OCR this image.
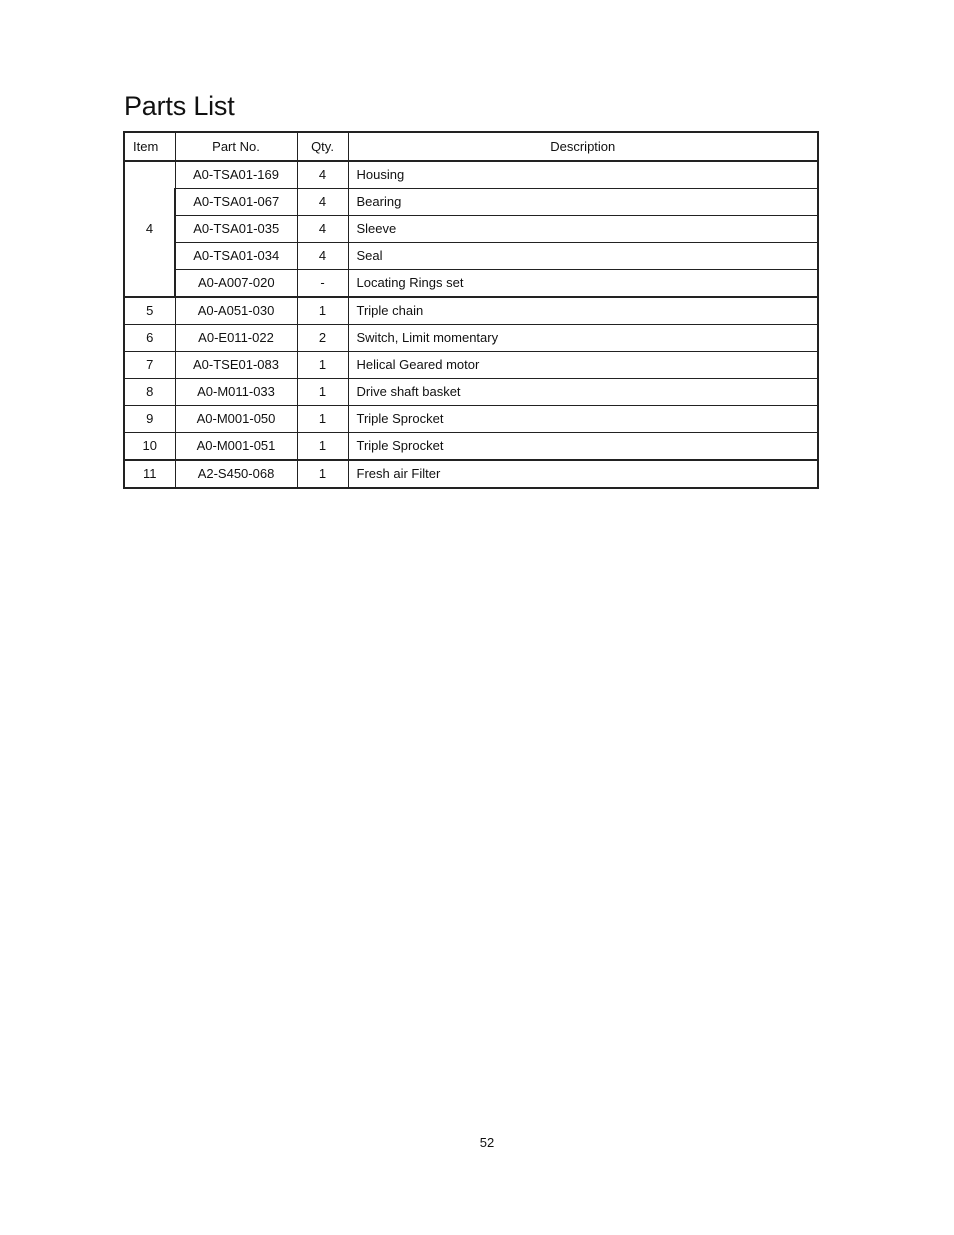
Parts List
Item	Part No.	Qty.	Description
4	A0-TSA01-169	4	Housing
	A0-TSA01-067	4	Bearing
	A0-TSA01-035	4	Sleeve
	A0-TSA01-034	4	Seal
	A0-A007-020	-	Locating Rings set
5	A0-A051-030	1	Triple chain
6	A0-E011-022	2	Switch, Limit momentary
7	A0-TSE01-083	1	Helical Geared motor
8	A0-M011-033	1	Drive shaft basket
9	A0-M001-050	1	Triple Sprocket
10	A0-M001-051	1	Triple Sprocket
11	A2-S450-068	1	Fresh air Filter
52
